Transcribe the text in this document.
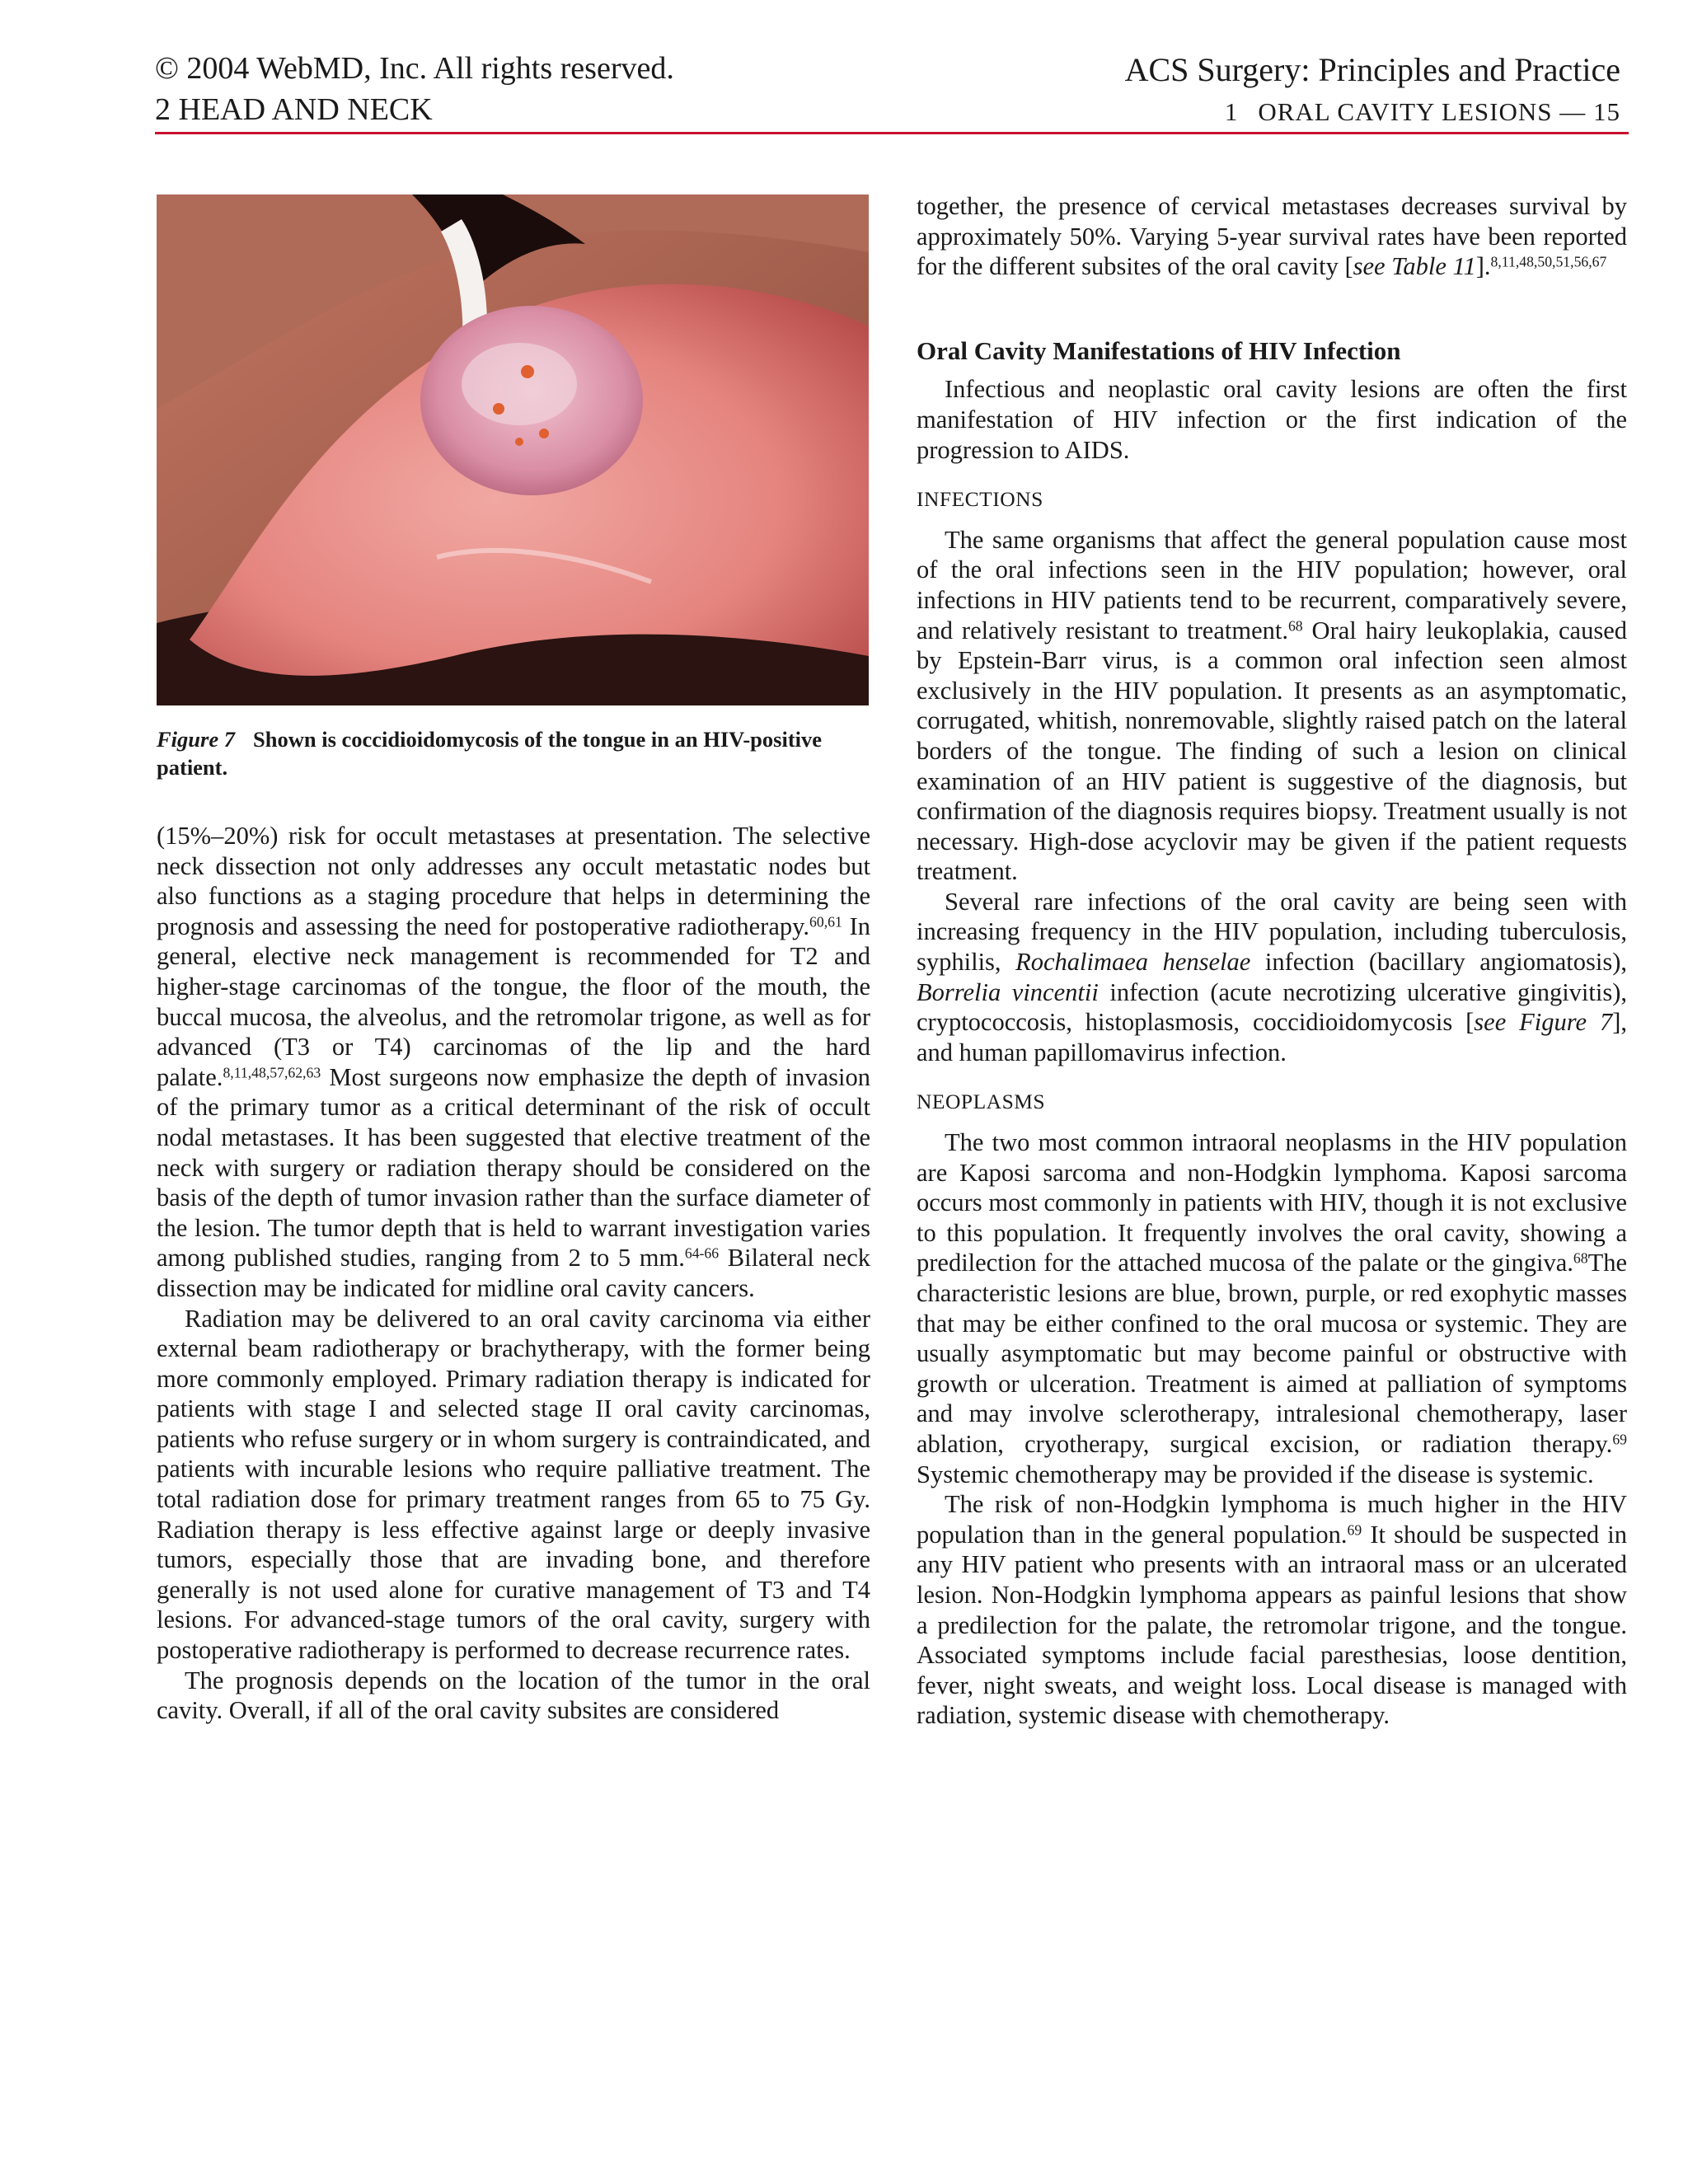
© 2004 WebMD, Inc. All rights reserved.
2 HEAD AND NECK
ACS Surgery: Principles and Practice
1 ORAL CAVITY LESIONS — 15
Figure 7 Shown is coccidioidomycosis of the tongue in an HIV-positive patient.

(15%–20%) risk for occult metastases at presentation. The selective neck dissection not only addresses any occult metastatic nodes but also functions as a staging procedure that helps in determining the prognosis and assessing the need for postoperative radiotherapy.$^{60,61}$ In general, elective neck management is recommended for T2 and higher-stage carcinomas of the tongue, the floor of the mouth, the buccal mucosa, the alveolus, and the retromolar trigone, as well as for advanced (T3 or T4) carcinomas of the lip and the hard palate.$^{8,11,48,57,62,63}$ Most surgeons now emphasize the depth of invasion of the primary tumor as a critical determinant of the risk of occult nodal metastases. It has been suggested that elective treatment of the neck with surgery or radiation therapy should be considered on the basis of the depth of tumor invasion rather than the surface diameter of the lesion. The tumor depth that is held to warrant investigation varies among published studies, ranging from 2 to 5 mm.$^{64-66}$ Bilateral neck dissection may be indicated for midline oral cavity cancers.

Radiation may be delivered to an oral cavity carcinoma via either external beam radiotherapy or brachytherapy, with the former being more commonly employed. Primary radiation therapy is indicated for patients with stage I and selected stage II oral cavity carcinomas, patients who refuse surgery or in whom surgery is contraindicated, and patients with incurable lesions who require palliative treatment. The total radiation dose for primary treatment ranges from 65 to 75 Gy. Radiation therapy is less effective against large or deeply invasive tumors, especially those that are invading bone, and therefore generally is not used alone for curative management of T3 and T4 lesions. For advanced-stage tumors of the oral cavity, surgery with postoperative radiotherapy is performed to decrease recurrence rates.

The prognosis depends on the location of the tumor in the oral cavity. Overall, if all of the oral cavity subsites are considered

together, the presence of cervical metastases decreases survival by approximately 50%. Varying 5-year survival rates have been reported for the different subsites of the oral cavity [see Table 11].$^{8,11,48,50,51,56,67}$

Oral Cavity Manifestations of HIV Infection

Infectious and neoplastic oral cavity lesions are often the first manifestation of HIV infection or the first indication of the progression to AIDS.

INFECTIONS

The same organisms that affect the general population cause most of the oral infections seen in the HIV population; however, oral infections in HIV patients tend to be recurrent, comparatively severe, and relatively resistant to treatment.$^{68}$ Oral hairy leukoplakia, caused by Epstein-Barr virus, is a common oral infection seen almost exclusively in the HIV population. It presents as an asymptomatic, corrugated, whitish, nonremovable, slightly raised patch on the lateral borders of the tongue. The finding of such a lesion on clinical examination of an HIV patient is suggestive of the diagnosis, but confirmation of the diagnosis requires biopsy. Treatment usually is not necessary. High-dose acyclovir may be given if the patient requests treatment.

Several rare infections of the oral cavity are being seen with increasing frequency in the HIV population, including tuberculosis, syphilis, Rochalimaea henselae infection (bacillary angiomatosis), Borrelia vincentii infection (acute necrotizing ulcerative gingivitis), cryptococcosis, histoplasmosis, coccidioidomycosis [see Figure 7], and human papillomavirus infection.

NEOPLASMS

The two most common intraoral neoplasms in the HIV population are Kaposi sarcoma and non-Hodgkin lymphoma. Kaposi sarcoma occurs most commonly in patients with HIV, though it is not exclusive to this population. It frequently involves the oral cavity, showing a predilection for the attached mucosa of the palate or the gingiva.$^{68}$The characteristic lesions are blue, brown, purple, or red exophytic masses that may be either confined to the oral mucosa or systemic. They are usually asymptomatic but may become painful or obstructive with growth or ulceration. Treatment is aimed at palliation of symptoms and may involve sclerotherapy, intralesional chemotherapy, laser ablation, cryotherapy, surgical excision, or radiation therapy.$^{69}$ Systemic chemotherapy may be provided if the disease is systemic.

The risk of non-Hodgkin lymphoma is much higher in the HIV population than in the general population.$^{69}$ It should be suspected in any HIV patient who presents with an intraoral mass or an ulcerated lesion. Non-Hodgkin lymphoma appears as painful lesions that show a predilection for the palate, the retromolar trigone, and the tongue. Associated symptoms include facial paresthesias, loose dentition, fever, night sweats, and weight loss. Local disease is managed with radiation, systemic disease with chemotherapy.
